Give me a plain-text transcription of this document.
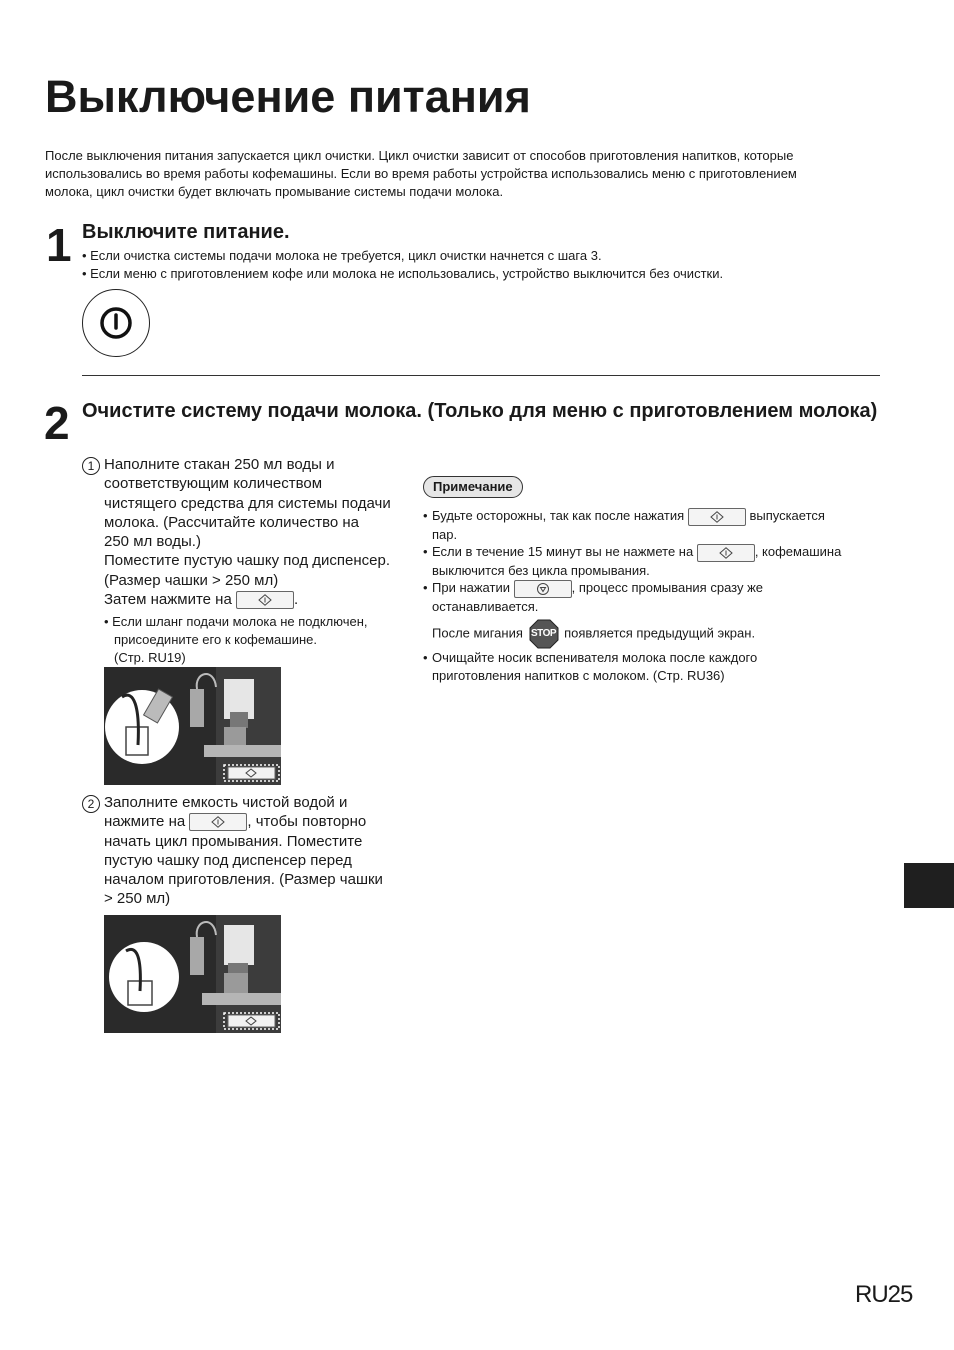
Выключение питания

После выключения питания запускается цикл очистки. Цикл очистки зависит от способов приготовления напитков, которые

использовались во время работы кофемашины. Если во время работы устройства использовались меню с приготовлением

молока, цикл очистки будет включать промывание системы подачи молока.

1 Выключите питание.
• Если очистка системы подачи молока не требуется, цикл очистки начнется с шага 3.
• Если меню с приготовлением кофе или молока не использовались, устройство выключится без очистки.
2 Очистите систему подачи молока. (Только для меню с приготовлением молока)
1 Наполните стакан 250 мл воды и
соответствующим количеством
чистящего средства для системы подачи
молока. (Рассчитайте количество на
250 мл воды.)
Поместите пустую чашку под диспенсер.
(Размер чашки > 250 мл)
Затем нажмите на	.
• Если шланг подачи молока не подключен,
присоедините его к кофемашине.
(Стр. RU19)
2 Заполните емкость чистой водой и
нажмите на	, чтобы повторно
начать цикл промывания. Поместите
пустую чашку под диспенсер перед
началом приготовления. (Размер чашки
> 250 мл)
Примечание
• Будьте осторожны, так как после нажатия	выпускается
пар.
• Если в течение 15 минут вы не нажмете на	, кофемашина
выключится без цикла промывания.
• При нажатии	, процесс промывания сразу же
останавливается.
После мигания STOP появляется предыдущий экран.
• Очищайте носик вспенивателя молока после каждого
приготовления напитков с молоком. (Стр. RU36)
RU25
